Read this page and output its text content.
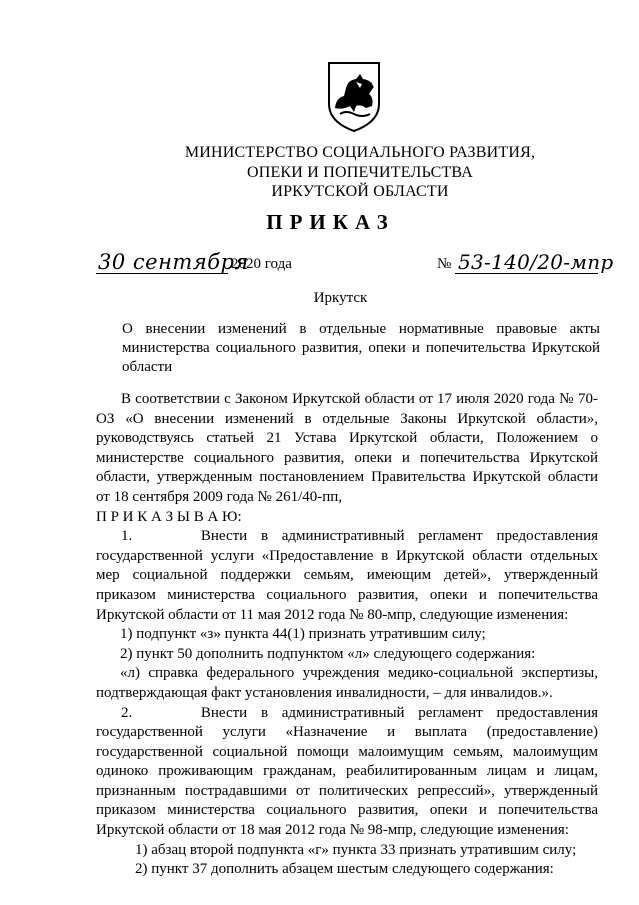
МИНИСТЕРСТВО СОЦИАЛЬНОГО РАЗВИТИЯ,
ОПЕКИ И ПОПЕЧИТЕЛЬСТВА
ИРКУТСКОЙ ОБЛАСТИ
ПРИКАЗ
30 сентября
2020 года	№ 53-140/20-мпр
Иркутск
О внесении изменений в отдельные нормативные правовые акты министерства социального развития, опеки и попечительства Иркутской области

В соответствии с Законом Иркутской области от 17 июля 2020 года № 70-ОЗ «О внесении изменений в отдельные Законы Иркутской области», руководствуясь статьей 21 Устава Иркутской области, Положением о министерстве социального развития, опеки и попечительства Иркутской области, утвержденным постановлением Правительства Иркутской области от 18 сентября 2009 года № 261/40-пп,

П Р И К А З Ы В А Ю:

1.     Внести в административный регламент предоставления государственной услуги «Предоставление в Иркутской области отдельных мер социальной поддержки семьям, имеющим детей», утвержденный приказом министерства социального развития, опеки и попечительства Иркутской области от 11 мая 2012 года № 80-мпр, следующие изменения:

1) подпункт «з» пункта 44(1) признать утратившим силу;

2) пункт 50 дополнить подпунктом «л» следующего содержания:

«л) справка федерального учреждения медико-социальной экспертизы, подтверждающая факт установления инвалидности, – для инвалидов.».

2.     Внести в административный регламент предоставления государственной услуги «Назначение и выплата (предоставление) государственной социальной помощи малоимущим семьям, малоимущим одиноко проживающим гражданам, реабилитированным лицам и лицам, признанным пострадавшими от политических репрессий», утвержденный приказом министерства социального развития, опеки и попечительства Иркутской области от 18 мая 2012 года № 98-мпр, следующие изменения:

1) абзац второй подпункта «г» пункта 33 признать утратившим силу;

2) пункт 37 дополнить абзацем шестым следующего содержания:
